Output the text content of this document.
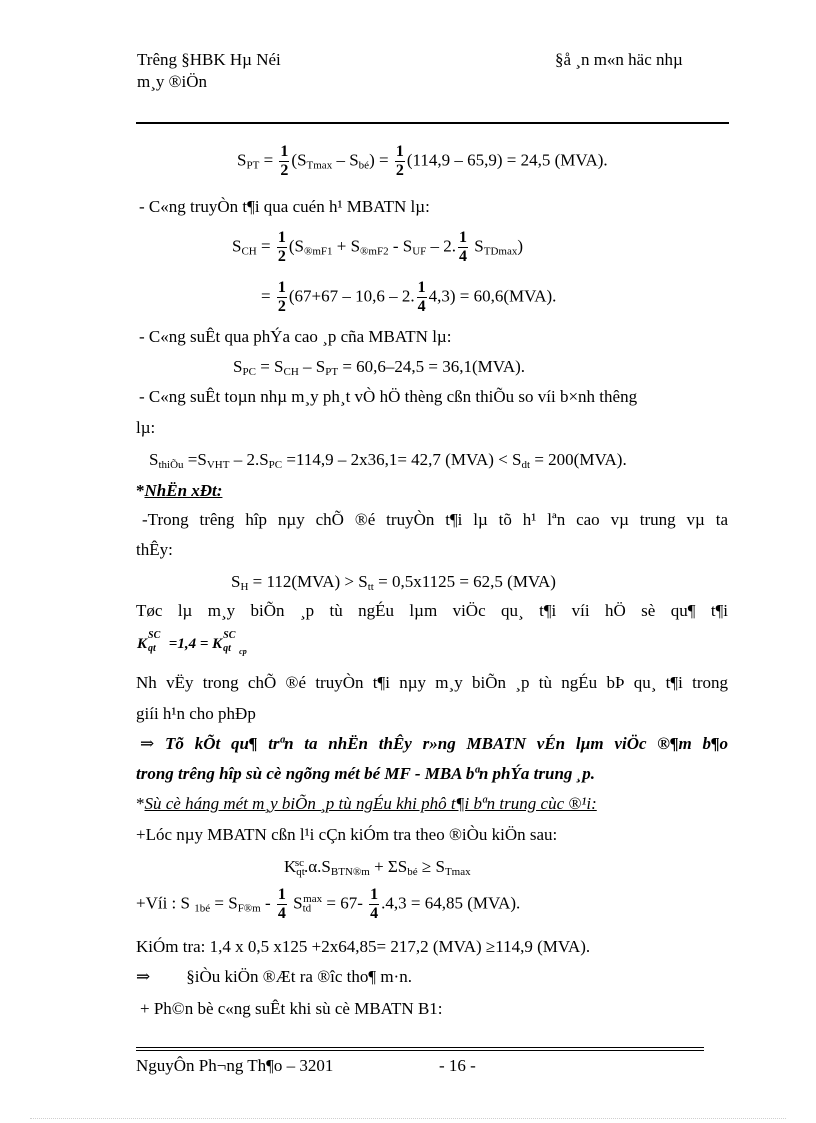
Trêng §HBK Hµ Néi
m¸y ®iÖn
§å ¸n m«n häc nhµ
$S_{PT} = \frac{1}{2} (S_{Tmax} - S_{bé}) = \frac{1}{2} (114,9 - 65,9) = 24,5$ (MVA).
- C«ng truyÒn t¶i qua cuén h¹ MBATN lµ:
$S_{CH} = \frac{1}{2} (S_{®mF1} + S_{®mF2} - S_{UF} - 2$. $\frac{1}{4} S_{TDmax}$)
= $\frac{1}{2} (67+67 - 10,6 - 2$. $\frac{1}{4} 4,3) = 60,6(MVA)$.
- C«ng suÊt qua phÝa cao ¸p cña MBATN lµ:
$S_{PC} = S_{CH} - S_{PT} = 60,6-24,5 = 36,1(MVA)$.
- C«ng suÊt toµn nhµ m¸y ph¸t vÒ hÖ thèng cßn thiÕu so víi b×nh thêng
lµ:
$S_{thiÕu} =S_{VHT} - 2.S_{PC} =114,9 - 2x36,1= 42,7$ $(MVA) < S_{dt} = 200(MVA)$.
*NhËn xÐt:
-Trong trêng hîp nµy chÕ ®é truyÒn t¶i lµ tõ h¹ lªn cao vµ trung vµ ta
thÊy:
$S_H = 112(MVA) > S_{tt} = 0,5x1125 = 62,5$ (MVA)
Tøc lµ m¸y biÕn ¸p tù ngÉu lµm viÖc qu¸ t¶i víi hÖ sè qu¶ t¶i
K
SC
qt =1,4 = K
SC
qt cp
Nh vËy trong chÕ ®é truyÒn t¶i nµy m¸y biÕn ¸p tù ngÉu bÞ qu¸ t¶i trong
giíi h¹n cho phÐp
⇒ Tõ kÕt qu¶ trªn ta nhËn thÊy r»ng MBATN vÉn lµm viÖc ®¶m b¶o
trong trêng hîp sù cè ngõng mét bé MF - MBA bªn phÝa trung ¸p.
*Sù cè háng mét m¸y biÕn ¸p tù ngÉu khi phô t¶i bªn trung cùc ®¹i:
+Lóc nµy MBATN cßn l¹i cÇn kiÓm tra theo ®iÒu kiÖn sau:
$K_{qt}^{sc}.\alpha.S_{BTN®m} + \Sigma S_{bé} \ge S_{Tmax}$
+Víi : S $_{1bé} = S_{F®m} - \frac{1}{4} S_{td}^{max} = 67- \frac{1}{4} .4,3 = 64,85$ (MVA).
KiÓm tra: 1,4 x 0,5 x125 +2x64,85= 217,2 (MVA) ≥114,9 (MVA).
⇒ §iÒu kiÖn ®Æt ra ®îc tho¶ m·n.
+ Ph©n bè c«ng suÊt khi sù cè MBATN B1:
NguyÔn Ph¬ng Th¶o – 3201	- 16 -
